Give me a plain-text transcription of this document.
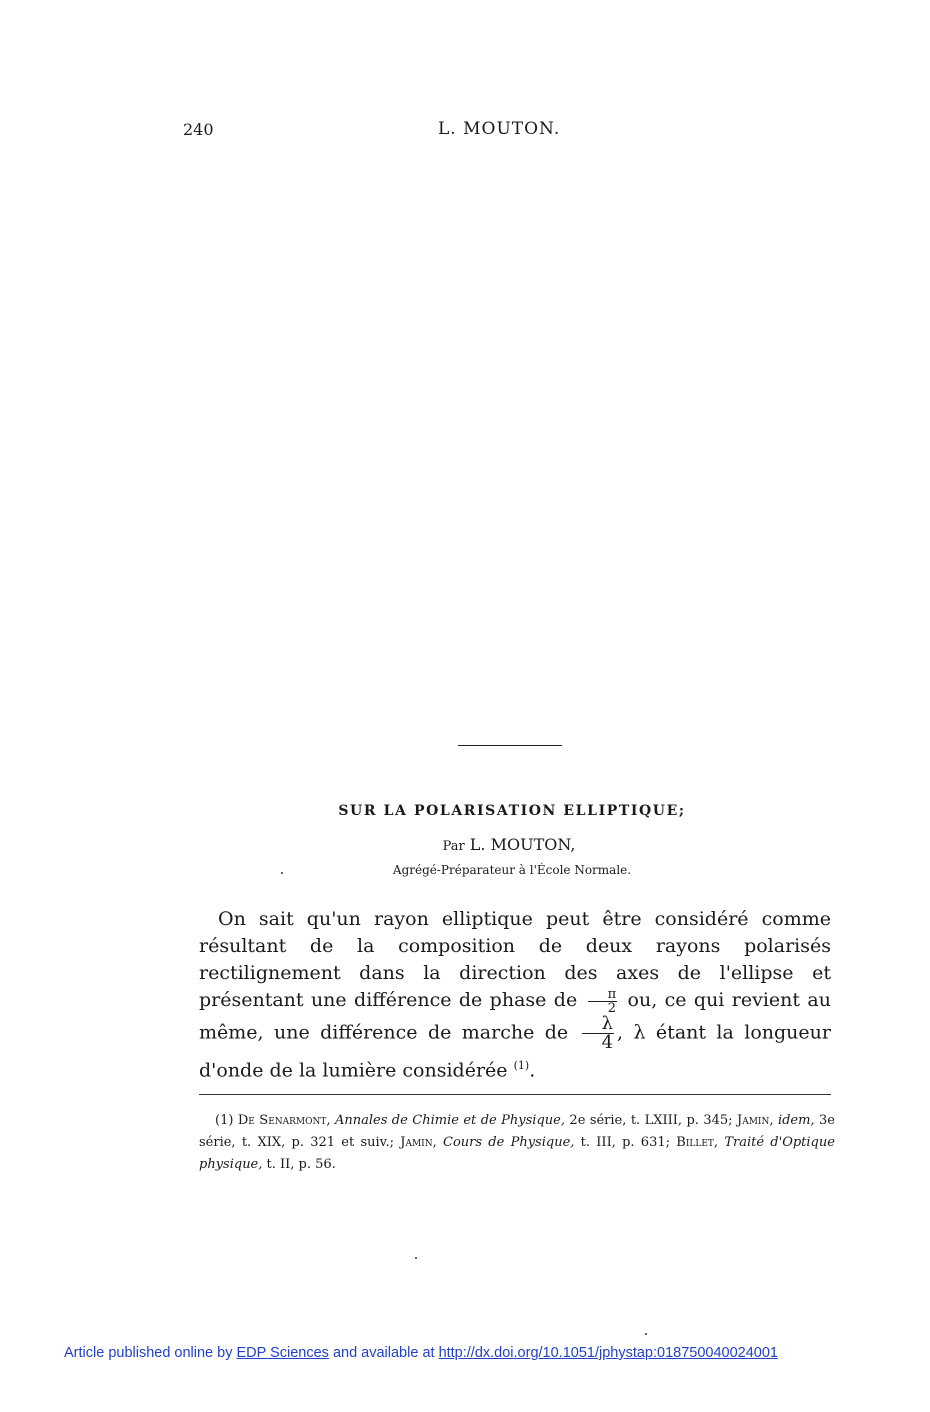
240	L. MOUTON.
SUR LA POLARISATION ELLIPTIQUE;
Par L. MOUTON,
Agrégé-Préparateur à l'École Normale.

On sait qu'un rayon elliptique peut être considéré comme résultant de la composition de deux rayons polarisés rectilignement dans la direction des axes de l'ellipse et présentant une différence de phase de $\frac{\pi}{2}$ ou, ce qui revient au même, une différence de marche de $\frac{\lambda}{4}$ , λ étant la longueur d'onde de la lumière considérée $^{(1)}$.

(1) De Senarmont, Annales de Chimie et de Physique, 2e série, t. LXIII, p. 345; Jamin, idem, 3e série, t. XIX, p. 321 et suiv.; Jamin, Cours de Physique, t. III, p. 631; Billet, Traité d'Optique physique, t. II, p. 56.

Article published online by EDP Sciences and available at http://dx.doi.org/10.1051/jphystap:018750040024001
